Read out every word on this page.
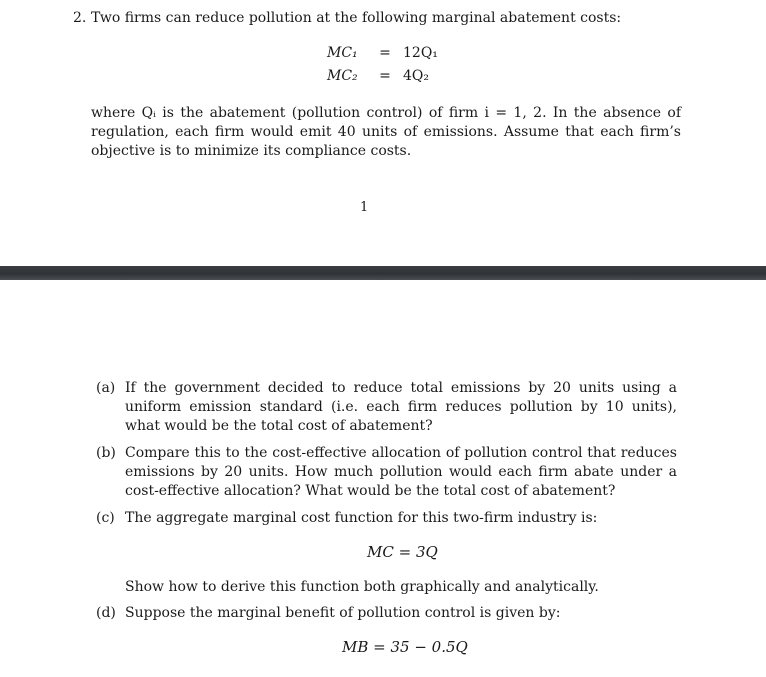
2. Two firms can reduce pollution at the following marginal abatement costs:
MC₁ = 12Q₁
MC₂ = 4Q₂
where Qᵢ is the abatement (pollution control) of firm i = 1, 2. In the absence of regulation, each firm would emit 40 units of emissions. Assume that each firm’s objective is to minimize its compliance costs.
1
(a) If the government decided to reduce total emissions by 20 units using a uniform emission standard (i.e. each firm reduces pollution by 10 units), what would be the total cost of abatement?
(b) Compare this to the cost-effective allocation of pollution control that reduces emissions by 20 units. How much pollution would each firm abate under a cost-effective allocation? What would be the total cost of abatement?
(c) The aggregate marginal cost function for this two-firm industry is:
MC = 3Q
Show how to derive this function both graphically and analytically.
(d) Suppose the marginal benefit of pollution control is given by:
MB = 35 − 0.5Q
